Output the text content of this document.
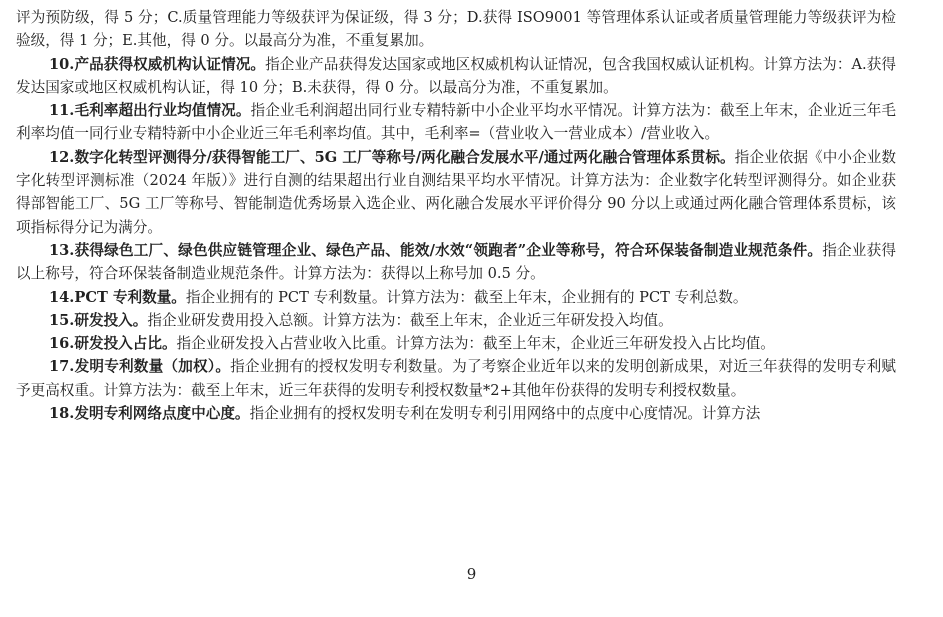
评为预防级，得 5 分；C.质量管理能力等级获评为保证级，得 3 分；D.获得 ISO9001 等管理体系认证或者质量管理能力等级获评为检验级，得 1 分；E.其他，得 0 分。以最高分为准，不重复累加。

10.产品获得权威机构认证情况。指企业产品获得发达国家或地区权威机构认证情况，包含我国权威认证机构。计算方法为：A.获得发达国家或地区权威机构认证，得 10 分；B.未获得，得 0 分。以最高分为准，不重复累加。

11.毛利率超出行业均值情况。指企业毛利润超出同行业专精特新中小企业平均水平情况。计算方法为：截至上年末，企业近三年毛利率均值一同行业专精特新中小企业近三年毛利率均值。其中，毛利率=（营业收入一营业成本）/营业收入。

12.数字化转型评测得分/获得智能工厂、5G 工厂等称号/两化融合发展水平/通过两化融合管理体系贯标。指企业依据《中小企业数字化转型评测标准（2024 年版）》进行自测的结果超出行业自测结果平均水平情况。计算方法为：企业数字化转型评测得分。如企业获得部智能工厂、5G 工厂等称号、智能制造优秀场景入选企业、两化融合发展水平评价得分 90 分以上或通过两化融合管理体系贯标，该项指标得分记为满分。

13.获得绿色工厂、绿色供应链管理企业、绿色产品、能效/水效“领跑者”企业等称号，符合环保装备制造业规范条件。指企业获得以上称号，符合环保装备制造业规范条件。计算方法为：获得以上称号加 0.5 分。

14.PCT 专利数量。指企业拥有的 PCT 专利数量。计算方法为：截至上年末，企业拥有的 PCT 专利总数。

15.研发投入。指企业研发费用投入总额。计算方法为：截至上年末，企业近三年研发投入均值。

16.研发投入占比。指企业研发投入占营业收入比重。计算方法为：截至上年末，企业近三年研发投入占比均值。

17.发明专利数量（加权）。指企业拥有的授权发明专利数量。为了考察企业近年以来的发明创新成果，对近三年获得的发明专利赋予更高权重。计算方法为：截至上年末，近三年获得的发明专利授权数量*2+其他年份获得的发明专利授权数量。

18.发明专利网络点度中心度。指企业拥有的授权发明专利在发明专利引用网络中的点度中心度情况。计算方法

9
